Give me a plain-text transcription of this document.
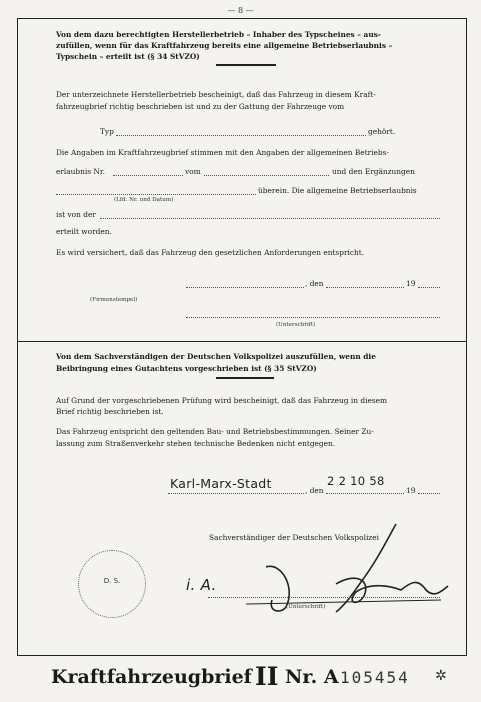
— 8 —
Von dem dazu berechtigten Herstellerbetrieb – Inhaber des Typscheines – aus-
zufüllen, wenn für das Kraftfahrzeug bereits eine allgemeine Betriebserlaubnis –
Typschein – erteilt ist (§ 34 StVZO)
Der unterzeichnete Herstellerbetrieb bescheinigt, daß das Fahrzeug in diesem Kraft-
fahrzeugbrief richtig beschrieben ist und zu der Gattung der Fahrzeuge vom
Typ	gehört.
Die Angaben im Kraftfahrzeugbrief stimmen mit den Angaben der allgemeinen Betriebs-
erlaubnis Nr.	vom	und den Ergänzungen
überein. Die allgemeine Betriebserlaubnis
(Lfd. Nr. und Datum)
ist von der
erteilt worden.
Es wird versichert, daß das Fahrzeug den gesetzlichen Anforderungen entspricht.
, den	19
(Firmenstempel)
(Unterschrift)
Von dem Sachverständigen der Deutschen Volkspolizei auszufüllen, wenn die
Beibringung eines Gutachtens vorgeschrieben ist (§ 35 StVZO)
Auf Grund der vorgeschriebenen Prüfung wird bescheinigt, daß das Fahrzeug in diesem
Brief richtig beschrieben ist.
Das Fahrzeug entspricht den geltenden Bau- und Betriebsbestimmungen. Seiner Zu-
lassung zum Straßenverkehr stehen technische Bedenken nicht entgegen.
Karl-Marx-Stadt	, den
2 2 10 58
19
Sachverständiger der Deutschen Volkspolizei
i. A.
(Unterschrift)
D. S.
Kraftfahrzeugbrief II Nr. A 105454 ✲
